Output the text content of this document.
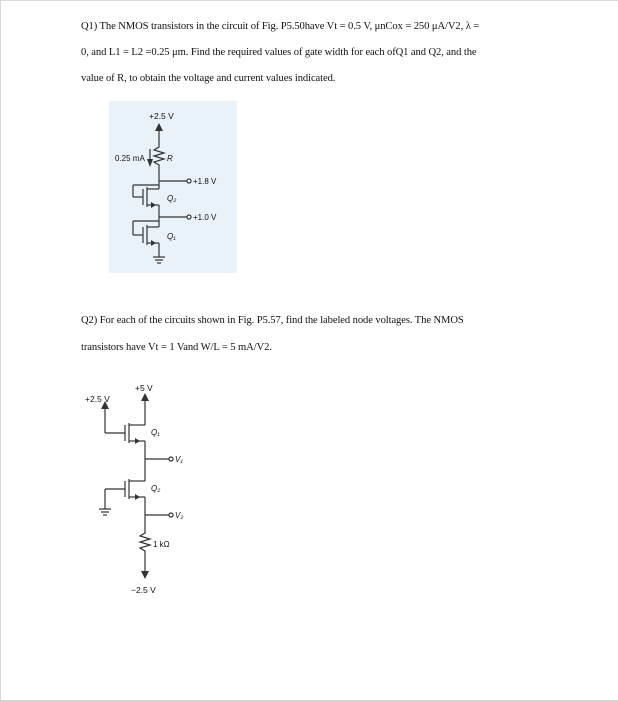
Q1) The NMOS transistors in the circuit of Fig. P5.50have Vt = 0.5 V, μnCox = 250 μA/V2, λ =
0, and L1 = L2 =0.25 μm. Find the required values of gate width for each ofQ1 and Q2, and the
value of R, to obtain the voltage and current values indicated.
+2.5 V
0.25 mA	R
+1.8 V
+1.0 V
Q₂
Q₁
Q2) For each of the circuits shown in Fig. P5.57, find the labeled node voltages. The NMOS
transistors have Vt = 1 Vand W/L = 5 mA/V2.
+2.5 V
+5 V
Q₁
Q₂
V₁
V₂
1 kΩ
−2.5 V
